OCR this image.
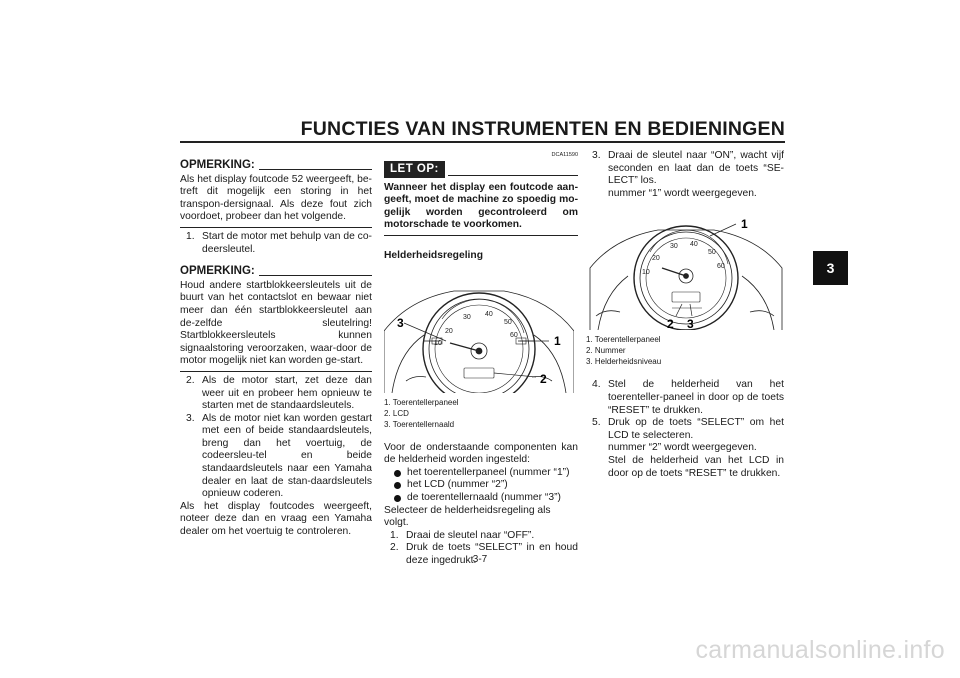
FUNCTIES VAN INSTRUMENTEN EN BEDIENINGEN
3
OPMERKING:
Als het display foutcode 52 weergeeft, be-treft dit mogelijk een storing in het transpon-dersignaal. Als deze fout zich voordoet, probeer dan het volgende.
1. Start de motor met behulp van de co-deersleutel.
OPMERKING:
Houd andere startblokkeersleutels uit de buurt van het contactslot en bewaar niet meer dan één startblokkeersleutel aan de-zelfde sleutelring! Startblokkeersleutels kunnen signaalstoring veroorzaken, waar-door de motor mogelijk niet kan worden ge-start.
2. Als de motor start, zet deze dan weer uit en probeer hem opnieuw te starten met de standaardsleutels.
3. Als de motor niet kan worden gestart met een of beide standaardsleutels, breng dan het voertuig, de codeersleu-tel en beide standaardsleutels naar een Yamaha dealer en laat de stan-daardsleutels opnieuw coderen.
Als het display foutcodes weergeeft, noteer deze dan en vraag een Yamaha dealer om het voertuig te controleren.
DCA11590
LET OP:
Wanneer het display een foutcode aan-geeft, moet de machine zo spoedig mo-gelijk worden gecontroleerd om motorschade te voorkomen.
Helderheidsregeling
20
30 40
50
60
10
3
1
2
1. Toerentellerpaneel
2. LCD
3. Toerentellernaald
Voor de onderstaande componenten kan de helderheid worden ingesteld:
het toerentellerpaneel (nummer “1”)
het LCD (nummer “2”)
de toerentellernaald (nummer “3”)
Selecteer de helderheidsregeling als volgt.
1. Draai de sleutel naar “OFF”.
2. Druk de toets “SELECT” in en houd deze ingedrukt.
3. Draai de sleutel naar “ON”, wacht vijf seconden en laat dan de toets “SE-LECT” los.
nummer “1” wordt weergegeven.
20
30 40
50
60
10
1
2 3
1. Toerentellerpaneel
2. Nummer
3. Helderheidsniveau
4. Stel de helderheid van het toerenteller-paneel in door op de toets “RESET” te drukken.
5. Druk op de toets “SELECT” om het LCD te selecteren.
nummer “2” wordt weergegeven.
Stel de helderheid van het LCD in door op de toets “RESET” te drukken.
3-7
carmanualsonline.info
